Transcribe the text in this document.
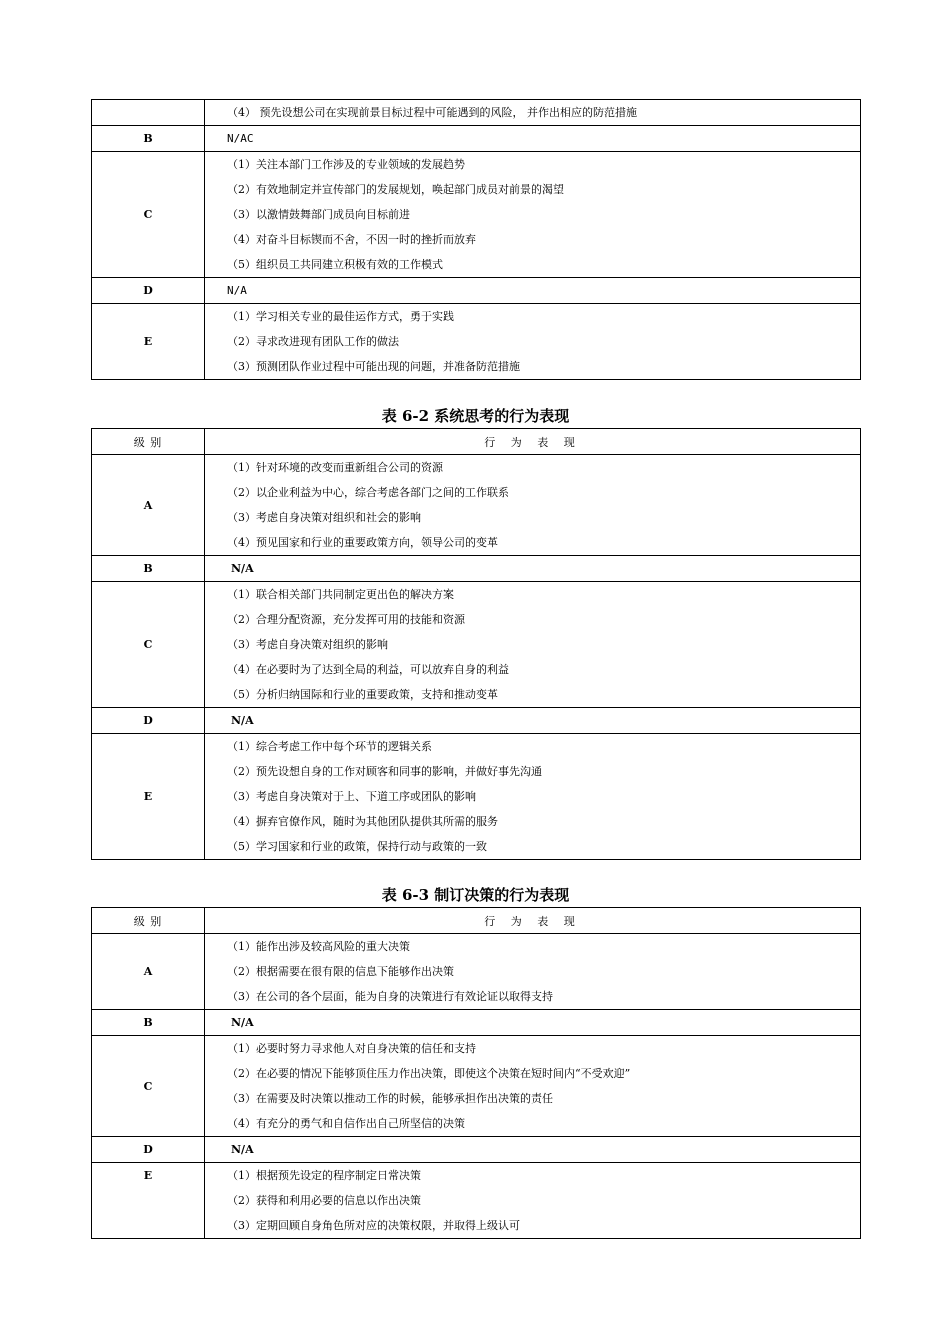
	（4） 预先设想公司在实现前景目标过程中可能遇到的风险， 并作出相应的防范措施

B	N/AC
C	（1）关注本部门工作涉及的专业领域的发展趋势
（2）有效地制定并宣传部门的发展规划，唤起部门成员对前景的渴望
（3）以激情鼓舞部门成员向目标前进
（4）对奋斗目标锲而不舍，不因一时的挫折而放弃
（5）组织员工共同建立积极有效的工作模式

D	N/A
E	（1）学习相关专业的最佳运作方式，勇于实践
（2）寻求改进现有团队工作的做法
（3）预测团队作业过程中可能出现的问题，并准备防范措施
表 6-2 系统思考的行为表现
级 别	行 为 表 现
A	（1）针对环境的改变而重新组合公司的资源
（2）以企业利益为中心，综合考虑各部门之间的工作联系
（3）考虑自身决策对组织和社会的影响
（4）预见国家和行业的重要政策方向，领导公司的变革

B	N/A
C	（1）联合相关部门共同制定更出色的解决方案
（2）合理分配资源，充分发挥可用的技能和资源
（3）考虑自身决策对组织的影响
（4）在必要时为了达到全局的利益，可以放弃自身的利益
（5）分析归纳国际和行业的重要政策，支持和推动变革

D	N/A
E	（1）综合考虑工作中每个环节的逻辑关系
（2）预先设想自身的工作对顾客和同事的影响，并做好事先沟通
（3）考虑自身决策对于上、下道工序或团队的影响
（4）摒弃官僚作风，随时为其他团队提供其所需的服务
（5）学习国家和行业的政策，保持行动与政策的一致
表 6-3 制订决策的行为表现
级 别	行 为 表 现
A	（1）能作出涉及较高风险的重大决策
（2）根据需要在很有限的信息下能够作出决策
（3）在公司的各个层面，能为自身的决策进行有效论证以取得支持

B	N/A
C	（1）必要时努力寻求他人对自身决策的信任和支持
（2）在必要的情况下能够顶住压力作出决策，即使这个决策在短时间内“不受欢迎”
（3）在需要及时决策以推动工作的时候，能够承担作出决策的责任
（4）有充分的勇气和自信作出自己所坚信的决策

D	N/A
E	（1）根据预先设定的程序制定日常决策
（2）获得和利用必要的信息以作出决策
（3）定期回顾自身角色所对应的决策权限，并取得上级认可
